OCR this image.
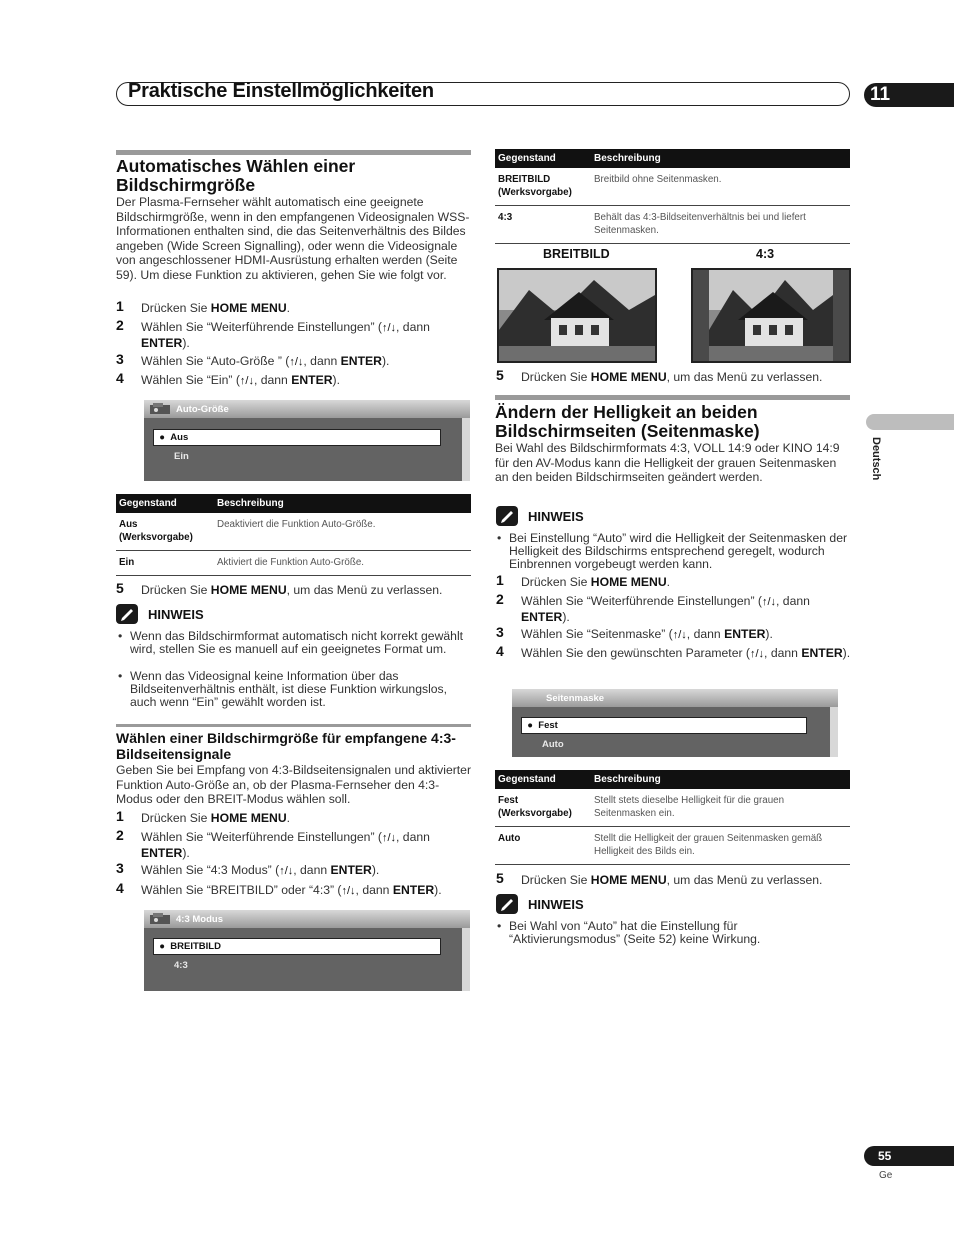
Praktische Einstellmöglichkeiten	11
Deutsch
Automatisches Wählen einer Bildschirmgröße
Der Plasma-Fernseher wählt automatisch eine geeignete Bildschirmgröße, wenn in den empfangenen Videosignalen WSS-Informationen enthalten sind, die das Seitenverhältnis des Bildes angeben (Wide Screen Signalling), oder wenn die Videosignale von angeschlossener HDMI-Ausrüstung erhalten werden (Seite 59). Um diese Funktion zu aktivieren, gehen Sie wie folgt vor.
1 Drücken Sie HOME MENU.
2 Wählen Sie “Weiterführende Einstellungen” (↑/↓, dann ENTER).
3 Wählen Sie “Auto-Größe ” (↑/↓, dann ENTER).
4 Wählen Sie “Ein” (↑/↓, dann ENTER).
Auto-Größe
●  Aus
Ein
Gegenstand	Beschreibung
Aus
(Werksvorgabe)	Deaktiviert die Funktion Auto-Größe.
Ein	Aktiviert die Funktion Auto-Größe.
5 Drücken Sie HOME MENU, um das Menü zu verlassen.
HINWEIS
• Wenn das Bildschirmformat automatisch nicht korrekt gewählt wird, stellen Sie es manuell auf ein geeignetes Format um.
• Wenn das Videosignal keine Information über das Bildseitenverhältnis enthält, ist diese Funktion wirkungslos, auch wenn “Ein” gewählt worden ist.
Wählen einer Bildschirmgröße für empfangene 4:3-Bildseitensignale
Geben Sie bei Empfang von 4:3-Bildseitensignalen und aktivierter Funktion Auto-Größe an, ob der Plasma-Fernseher den 4:3-Modus oder den BREIT-Modus wählen soll.
1 Drücken Sie HOME MENU.
2 Wählen Sie “Weiterführende Einstellungen” (↑/↓, dann ENTER).
3 Wählen Sie “4:3 Modus” (↑/↓, dann ENTER).
4 Wählen Sie “BREITBILD” oder “4:3” (↑/↓, dann ENTER).
4:3 Modus
●  BREITBILD
4:3
Gegenstand	Beschreibung
BREITBILD
(Werksvorgabe)	Breitbild ohne Seitenmasken.
4:3	Behält das 4:3-Bildseitenverhältnis bei und liefert Seitenmasken.
BREITBILD	4:3
5 Drücken Sie HOME MENU, um das Menü zu verlassen.
Ändern der Helligkeit an beiden Bildschirmseiten (Seitenmaske)
Bei Wahl des Bildschirmformats 4:3, VOLL 14:9 oder KINO 14:9 für den AV-Modus kann die Helligkeit der grauen Seitenmasken an den beiden Bildschirmseiten geändert werden.
HINWEIS
• Bei Einstellung “Auto” wird die Helligkeit der Seitenmasken der Helligkeit des Bildschirms entsprechend geregelt, wodurch Einbrennen vorgebeugt werden kann.
1 Drücken Sie HOME MENU.
2 Wählen Sie “Weiterführende Einstellungen” (↑/↓, dann ENTER).
3 Wählen Sie “Seitenmaske” (↑/↓, dann ENTER).
4 Wählen Sie den gewünschten Parameter (↑/↓, dann ENTER).
Seitenmaske
●  Fest
Auto
Gegenstand	Beschreibung
Fest
(Werksvorgabe)	Stellt stets dieselbe Helligkeit für die grauen Seitenmasken ein.
Auto	Stellt die Helligkeit der grauen Seitenmasken gemäß Helligkeit des Bilds ein.
5 Drücken Sie HOME MENU, um das Menü zu verlassen.
HINWEIS
• Bei Wahl von “Auto” hat die Einstellung für “Aktivierungsmodus” (Seite 52) keine Wirkung.
55
Ge
